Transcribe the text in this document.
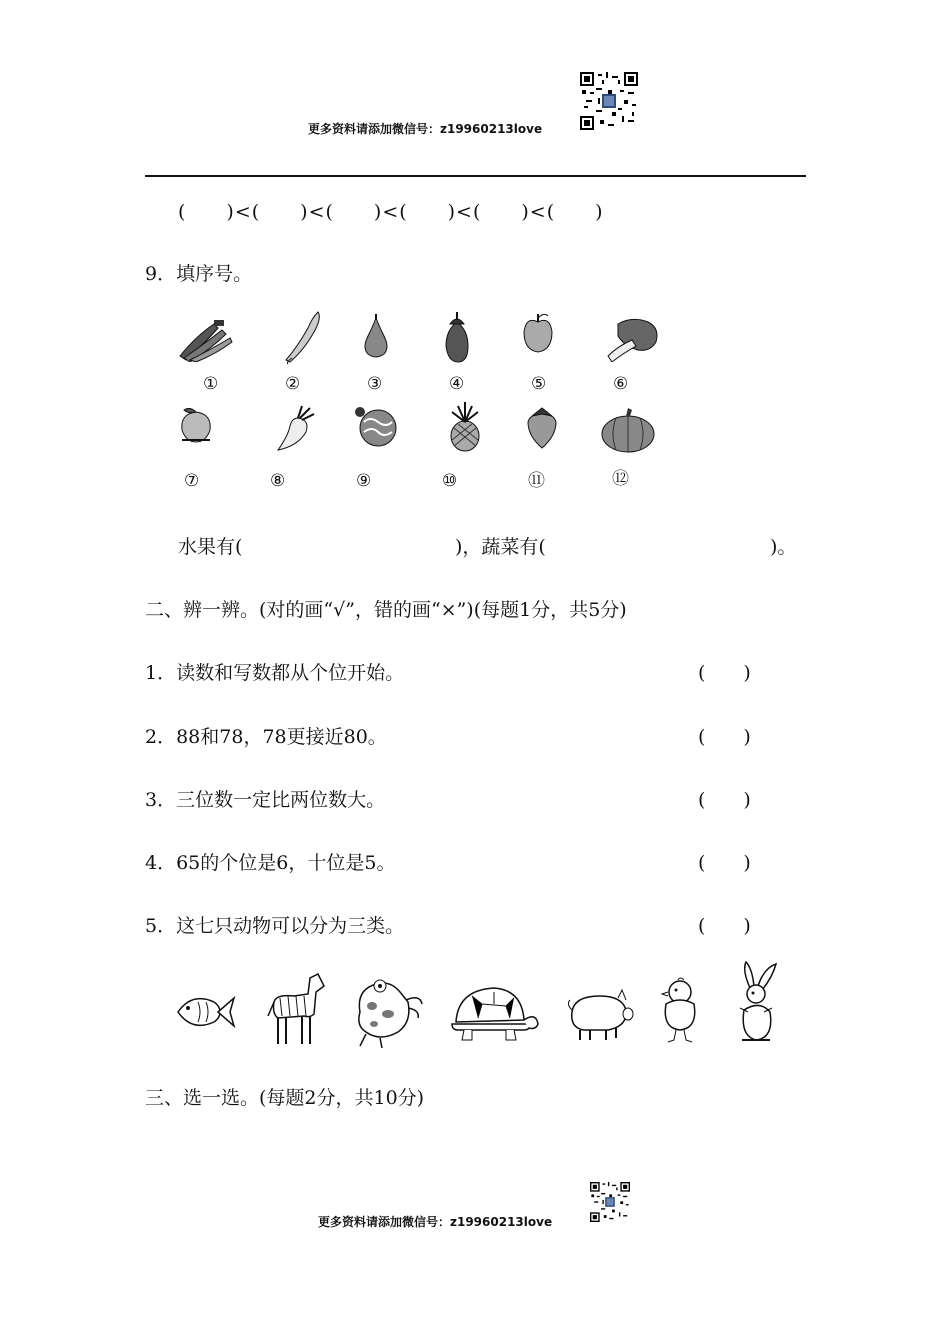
更多资料请添加微信号：z19960213love
(　　)<(　　)<(　　)<(　　)<(　　)<(　　)
9．填序号。
①	②	③	④	⑤	⑥
⑦	⑧	⑨	⑩	⑪	⑫
水果有(	)，蔬菜有(	)。
二、辨一辨。(对的画“√”，错的画“×”)(每题1分，共5分)
1．读数和写数都从个位开始。	(　　)
2．88和78，78更接近80。	(　　)
3．三位数一定比两位数大。	(　　)
4．65的个位是6，十位是5。	(　　)
5．这七只动物可以分为三类。	(　　)
三、选一选。(每题2分，共10分)
更多资料请添加微信号：z19960213love
